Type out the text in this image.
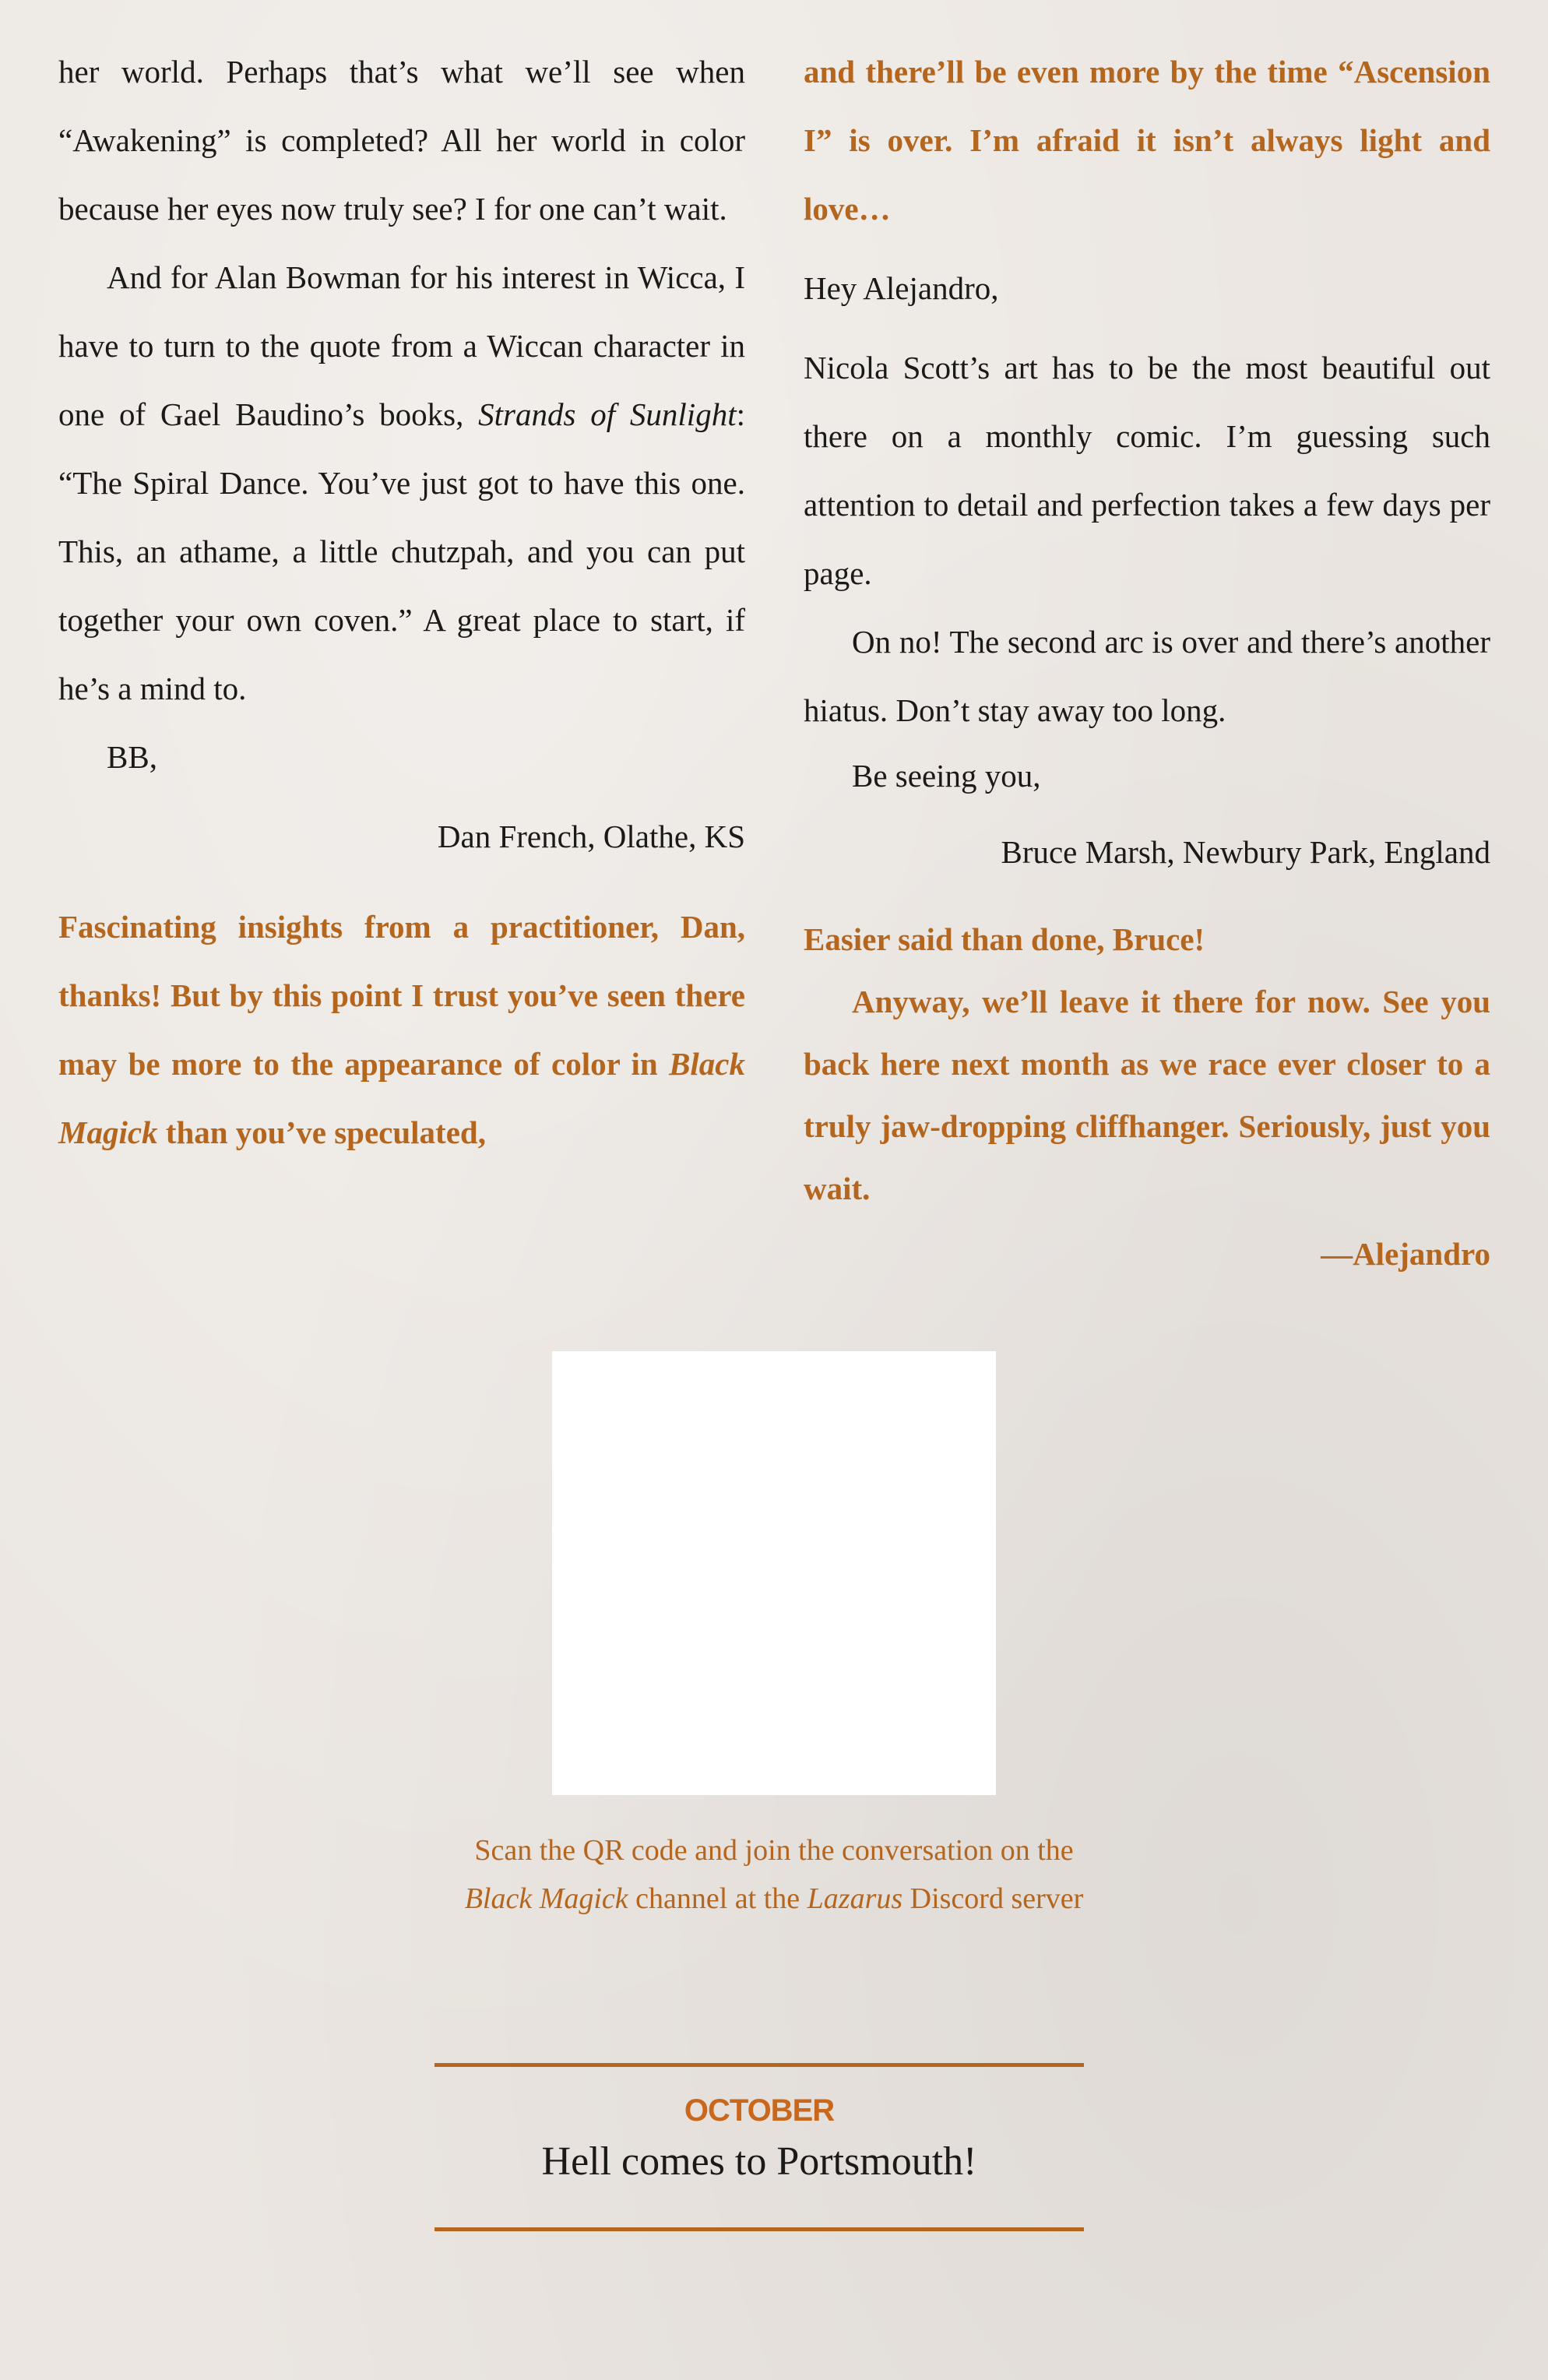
her world. Perhaps that’s what we’ll see when “Awakening” is completed? All her world in color because her eyes now truly see? I for one can’t wait.

And for Alan Bowman for his interest in Wicca, I have to turn to the quote from a Wiccan character in one of Gael Baudino’s books, Strands of Sunlight: “The Spiral Dance. You’ve just got to have this one. This, an athame, a little chutzpah, and you can put together your own coven.” A great place to start, if he’s a mind to.

BB,

Dan French, Olathe, KS

Fascinating insights from a practitioner, Dan, thanks! But by this point I trust you’ve seen there may be more to the appearance of color in Black Magick than you’ve speculated,

and there’ll be even more by the time “Ascension I” is over. I’m afraid it isn’t always light and love…

Hey Alejandro,

Nicola Scott’s art has to be the most beautiful out there on a monthly comic. I’m guessing such attention to detail and perfection takes a few days per page.

On no! The second arc is over and there’s another hiatus. Don’t stay away too long.

Be seeing you,

Bruce Marsh, Newbury Park, England

Easier said than done, Bruce!

Anyway, we’ll leave it there for now. See you back here next month as we race ever closer to a truly jaw-dropping cliffhanger. Seriously, just you wait.

—Alejandro

Scan the QR code and join the conversation on the
Black Magick channel at the Lazarus Discord server
OCTOBER
Hell comes to Portsmouth!
